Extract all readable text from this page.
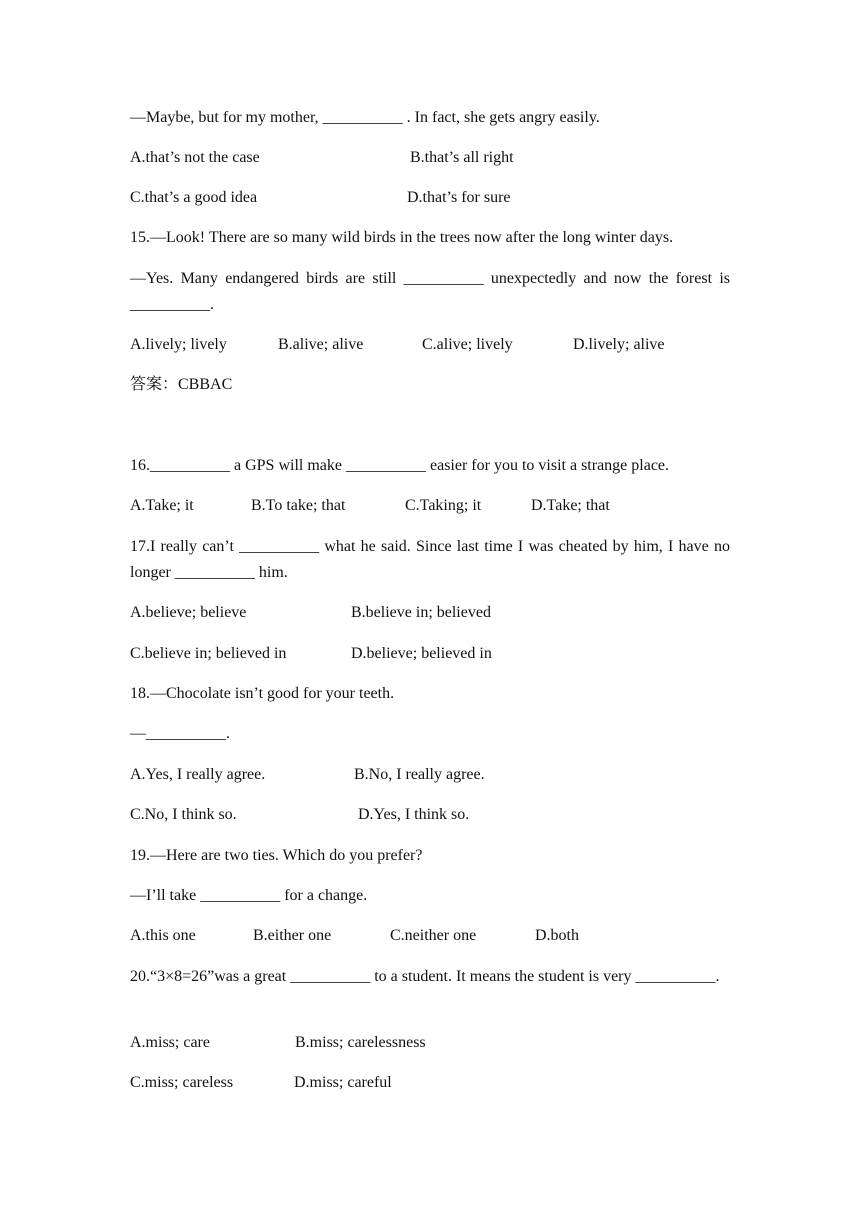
—Maybe, but for my mother, __________ . In fact, she gets angry easily.
A.that’s not the case	B.that’s all right
C.that’s a good idea	D.that’s for sure
15.—Look! There are so many wild birds in the trees now after the long winter days.
—Yes. Many endangered birds are still __________ unexpectedly and now the forest is __________.
A.lively; lively	B.alive; alive	C.alive; lively	D.lively; alive
答案：CBBAC
16.__________ a GPS will make __________ easier for you to visit a strange place.
A.Take; it	B.To take; that	C.Taking; it	D.Take; that
17.I really can’t __________ what he said. Since last time I was cheated by him, I have no longer __________ him.
A.believe; believe	B.believe in; believed
C.believe in; believed in	D.believe; believed in
18.—Chocolate isn’t good for your teeth.
—__________.
A.Yes, I really agree.	B.No, I really agree.
C.No, I think so.	D.Yes, I think so.
19.—Here are two ties. Which do you prefer?
—I’ll take __________ for a change.
A.this one	B.either one	C.neither one	D.both
20.“3×8=26”was a great __________ to a student. It means the student is very __________.
A.miss; care	B.miss; carelessness
C.miss; careless	D.miss; careful
